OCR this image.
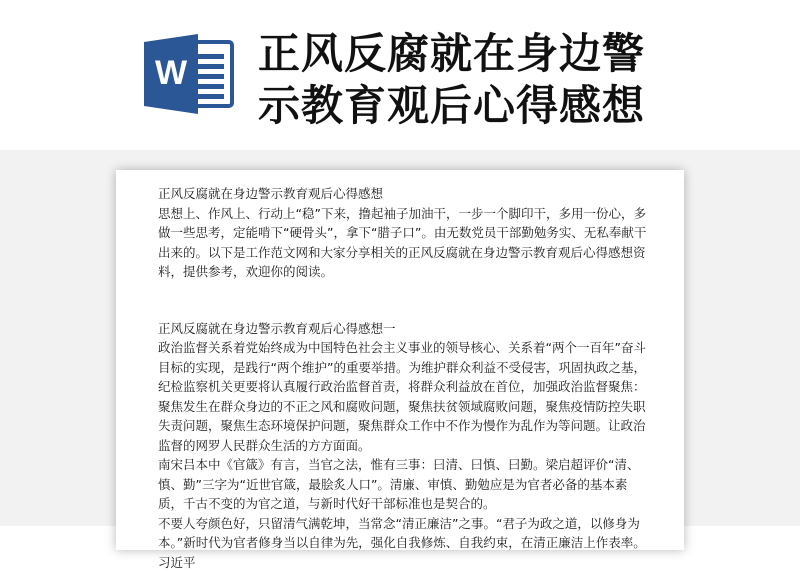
W 正风反腐就在身边警
示教育观后心得感想

正风反腐就在身边警示教育观后心得感想

思想上、作风上、行动上“稳”下来，撸起袖子加油干，一步一个脚印干，多用一份心，多做一些思考，定能啃下“硬骨头”，拿下“腊子口”。由无数党员干部勤勉务实、无私奉献干出来的。以下是工作范文网和大家分享相关的正风反腐就在身边警示教育观后心得感想资料，提供参考，欢迎你的阅读。

正风反腐就在身边警示教育观后心得感想一

政治监督关系着党始终成为中国特色社会主义事业的领导核心、关系着“两个一百年”奋斗目标的实现，是践行“两个维护”的重要举措。为维护群众利益不受侵害，巩固执政之基，纪检监察机关更要将认真履行政治监督首责，将群众利益放在首位，加强政治监督聚焦：聚焦发生在群众身边的不正之风和腐败问题，聚焦扶贫领域腐败问题，聚焦疫情防控失职失责问题，聚焦生态环境保护问题，聚焦群众工作中不作为慢作为乱作为等问题。让政治监督的网罗人民群众生活的方方面面。

南宋吕本中《官箴》有言，当官之法，惟有三事：曰清、曰慎、曰勤。梁启超评价“清、慎、勤”三字为“近世官箴，最脍炙人口”。清廉、审慎、勤勉应是为官者必备的基本素质，千古不变的为官之道，与新时代好干部标准也是契合的。

不要人夸颜色好，只留清气满乾坤，当常念“清正廉洁”之事。“君子为政之道，以修身为本。”新时代为官者修身当以自律为先，强化自我修炼、自我约束，在清正廉洁上作表率。习近平
